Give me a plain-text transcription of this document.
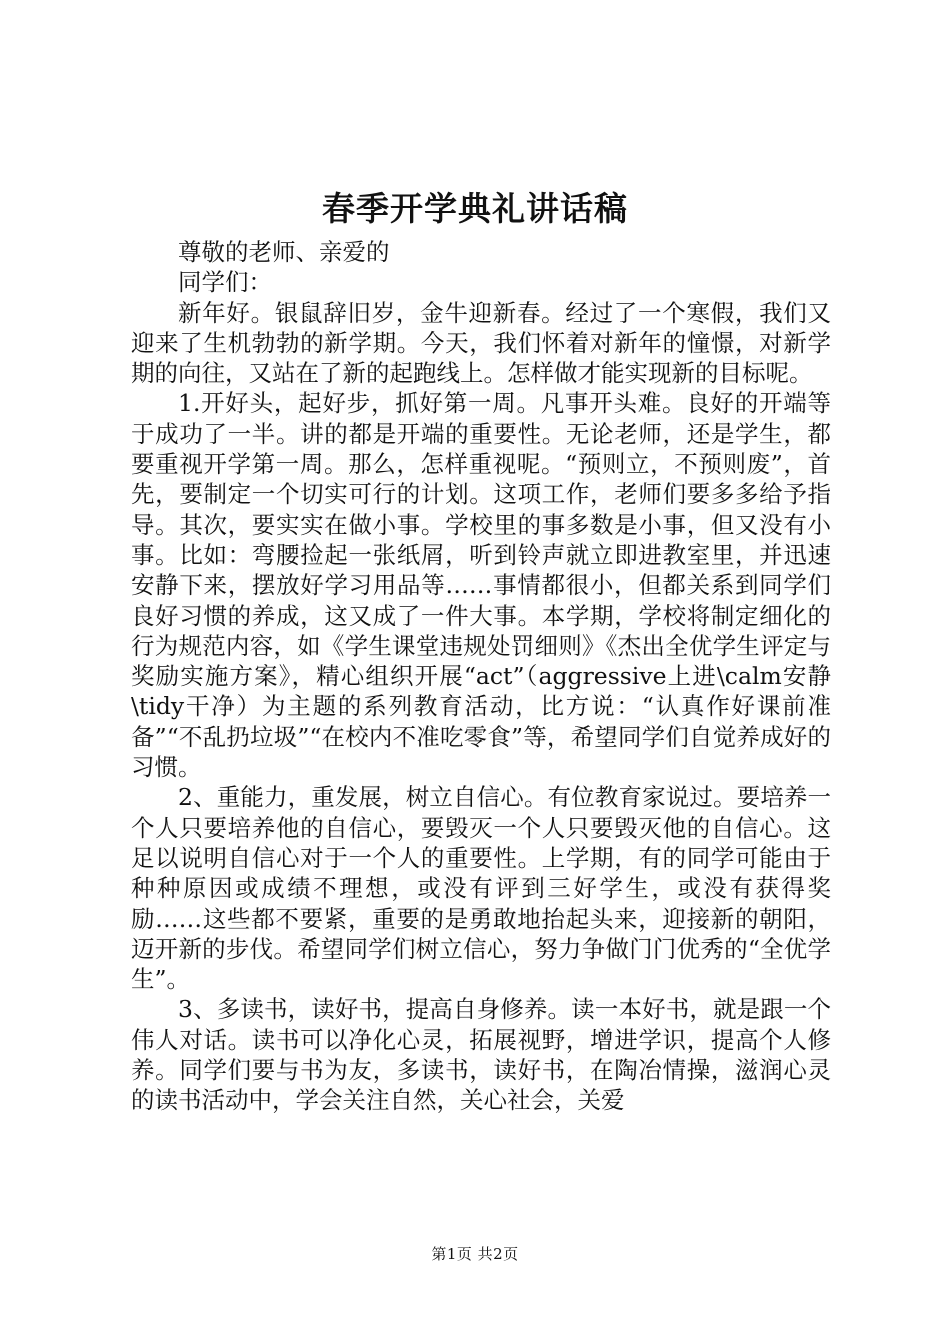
春季开学典礼讲话稿

尊敬的老师、亲爱的

同学们：

新年好。银鼠辞旧岁，金牛迎新春。经过了一个寒假，我们又迎来了生机勃勃的新学期。今天，我们怀着对新年的憧憬，对新学期的向往，又站在了新的起跑线上。怎样做才能实现新的目标呢。

1.开好头，起好步，抓好第一周。凡事开头难。良好的开端等于成功了一半。讲的都是开端的重要性。无论老师，还是学生，都要重视开学第一周。那么，怎样重视呢。“预则立，不预则废”，首先，要制定一个切实可行的计划。这项工作，老师们要多多给予指导。其次，要实实在做小事。学校里的事多数是小事，但又没有小事。比如：弯腰捡起一张纸屑，听到铃声就立即进教室里，并迅速安静下来，摆放好学习用品等……事情都很小，但都关系到同学们良好习惯的养成，这又成了一件大事。本学期，学校将制定细化的行为规范内容，如《学生课堂违规处罚细则》《杰出全优学生评定与奖励实施方案》，精心组织开展“act”（aggressive上进\calm安静\tidy干净）为主题的系列教育活动，比方说：“认真作好课前准备”“不乱扔垃圾”“在校内不准吃零食”等，希望同学们自觉养成好的习惯。

2、重能力，重发展，树立自信心。有位教育家说过。要培养一个人只要培养他的自信心，要毁灭一个人只要毁灭他的自信心。这足以说明自信心对于一个人的重要性。上学期，有的同学可能由于种种原因或成绩不理想，或没有评到三好学生，或没有获得奖励……这些都不要紧，重要的是勇敢地抬起头来，迎接新的朝阳，迈开新的步伐。希望同学们树立信心，努力争做门门优秀的“全优学生”。

3、多读书，读好书，提高自身修养。读一本好书，就是跟一个伟人对话。读书可以净化心灵，拓展视野，增进学识，提高个人修养。同学们要与书为友，多读书，读好书，在陶冶情操，滋润心灵的读书活动中，学会关注自然，关心社会，关爱

第1页 共2页
